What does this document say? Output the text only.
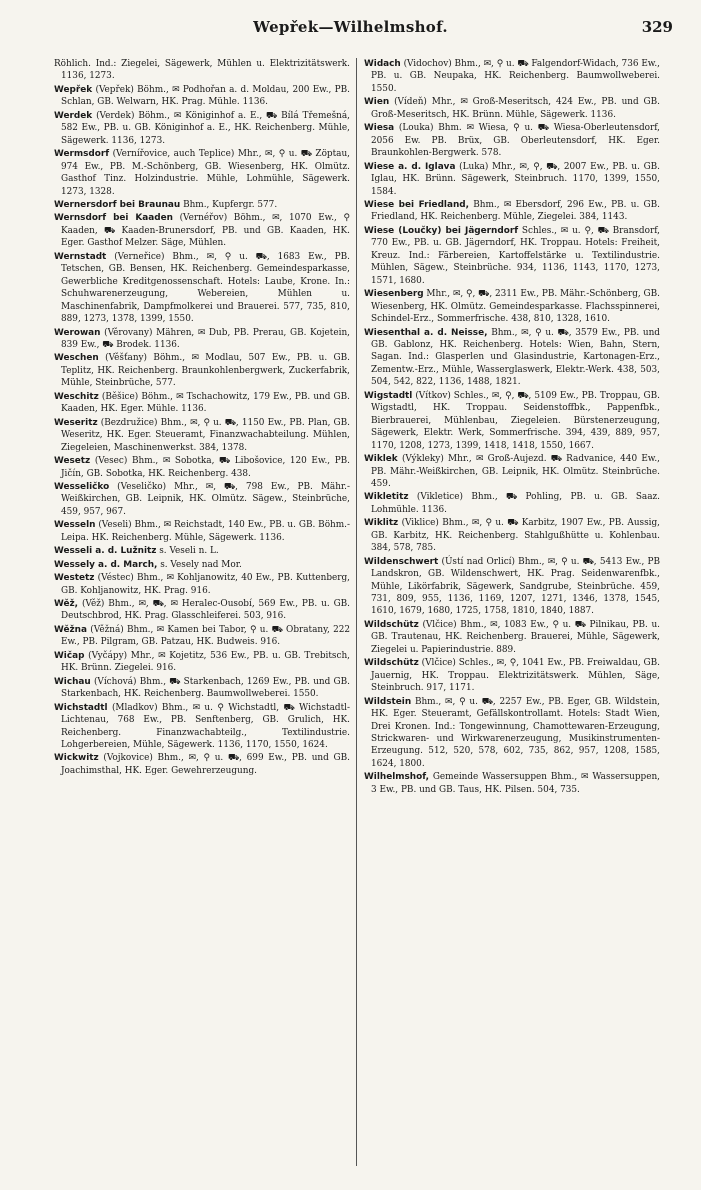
Wepřek—Wilhelmshof.	329

Röhlich. Ind.: Ziegelei, Sägewerk, Mühlen u. Elektrizitätswerk. 1136, 1273.

Wepřek (Vepřek) Böhm., ✉ Podhořan a. d. Moldau, 200 Ew., PB. Schlan, GB. Welwarn, HK. Prag. Mühle. 1136.

Werdek (Verdek) Böhm., ✉ Königinhof a. E., ⛟ Bílá Třemešná, 582 Ew., PB. u. GB. Königinhof a. E., HK. Reichenberg. Mühle, Sägewerk. 1136, 1273.

Wermsdorf (Vernířovice, auch Teplice) Mhr., ✉, ⚲ u. ⛟ Zöptau, 974 Ew., PB. M.-Schönberg, GB. Wiesenberg, HK. Olmütz. Gasthof Tinz. Holzindustrie. Mühle, Lohmühle, Sägewerk. 1273, 1328.

Wernersdorf bei Braunau Bhm., Kupfergr. 577.

Wernsdorf bei Kaaden (Vernéřov) Böhm., ✉, 1070 Ew., ⚲ Kaaden, ⛟ Kaaden-Brunersdorf, PB. und GB. Kaaden, HK. Eger. Gasthof Melzer. Säge, Mühlen.

Wernstadt (Verneřice) Bhm., ✉, ⚲ u. ⛟, 1683 Ew., PB. Tetschen, GB. Bensen, HK. Reichenberg. Gemeindesparkasse, Gewerbliche Kreditgenossenschaft. Hotels: Laube, Krone. In.: Schuhwarenerzeugung, Webereien, Mühlen u. Maschinenfabrik, Dampfmolkerei und Brauerei. 577, 735, 810, 889, 1273, 1378, 1399, 1550.

Werowan (Věrovany) Mähren, ✉ Dub, PB. Prerau, GB. Kojetein, 839 Ew., ⛟ Brodek. 1136.

Weschen (Věšťany) Böhm., ✉ Modlau, 507 Ew., PB. u. GB. Teplitz, HK. Reichenberg. Braunkohlenbergwerk, Zuckerfabrik, Mühle, Steinbrüche, 577.

Weschitz (Běšice) Böhm., ✉ Tschachowitz, 179 Ew., PB. und GB. Kaaden, HK. Eger. Mühle. 1136.

Weseritz (Bezdružice) Bhm., ✉, ⚲ u. ⛟, 1150 Ew., PB. Plan, GB. Weseritz, HK. Eger. Steueramt, Finanzwachabteilung. Mühlen, Ziegeleien, Maschinenwerkst. 384, 1378.

Wesetz (Vesec) Bhm., ✉ Sobotka, ⛟ Libošovice, 120 Ew., PB. Jičín, GB. Sobotka, HK. Reichenberg. 438.

Wesseličko (Veseličko) Mhr., ✉, ⛟, 798 Ew., PB. Mähr.-Weißkirchen, GB. Leipnik, HK. Olmütz. Sägew., Steinbrüche, 459, 957, 967.

Wesseln (Veseli) Bhm., ✉ Reichstadt, 140 Ew., PB. u. GB. Böhm.-Leipa. HK. Reichenberg. Mühle, Sägewerk. 1136.

Wesseli a. d. Lužnitz s. Veseli n. L.

Wessely a. d. March, s. Vesely nad Mor.

Westetz (Véstec) Bhm., ✉ Kohljanowitz, 40 Ew., PB. Kuttenberg, GB. Kohljanowitz, HK. Prag. 916.

Wěž, (Věž) Bhm., ✉, ⛟, ✉ Heralec-Ousobí, 569 Ew., PB. u. GB. Deutschbrod, HK. Prag. Glasschleiferei. 503, 916.

Wěžna (Věžná) Bhm., ✉ Kamen bei Tabor, ⚲ u. ⛟ Obratany, 222 Ew., PB. Pilgram, GB. Patzau, HK. Budweis. 916.

Wičap (Vyčápy) Mhr., ✉ Kojetitz, 536 Ew., PB. u. GB. Trebitsch, HK. Brünn. Ziegelei. 916.

Wichau (Víchová) Bhm., ⛟ Starkenbach, 1269 Ew., PB. und GB. Starkenbach, HK. Reichenberg. Baumwollweberei. 1550.

Wichstadtl (Mladkov) Bhm., ✉ u. ⚲ Wichstadtl, ⛟ Wichstadtl-Lichtenau, 768 Ew., PB. Senftenberg, GB. Grulich, HK. Reichenberg. Finanzwachabteilg., Textilindustrie. Lohgerbereien, Mühle, Sägewerk. 1136, 1170, 1550, 1624.

Wickwitz (Vojkovice) Bhm., ✉, ⚲ u. ⛟, 699 Ew., PB. und GB. Joachimsthal, HK. Eger. Gewehrerzeugung.

Widach (Vidochov) Bhm., ✉, ⚲ u. ⛟ Falgendorf-Widach, 736 Ew., PB. u. GB. Neupaka, HK. Reichenberg. Baumwollweberei. 1550.

Wien (Vídeň) Mhr., ✉ Groß-Meseritsch, 424 Ew., PB. und GB. Groß-Meseritsch, HK. Brünn. Mühle, Sägewerk. 1136.

Wiesa (Louka) Bhm. ✉ Wiesa, ⚲ u. ⛟ Wiesa-Oberleutensdorf, 2056 Ew. PB. Brüx, GB. Oberleutensdorf, HK. Eger. Braunkohlen-Bergwerk. 578.

Wiese a. d. Iglava (Luka) Mhr., ✉, ⚲, ⛟, 2007 Ew., PB. u. GB. Iglau, HK. Brünn. Sägewerk, Steinbruch. 1170, 1399, 1550, 1584.

Wiese bei Friedland, Bhm., ✉ Ebersdorf, 296 Ew., PB. u. GB. Friedland, HK. Reichenberg. Mühle, Ziegelei. 384, 1143.

Wiese (Loučky) bei Jägerndorf Schles., ✉ u. ⚲, ⛟ Bransdorf, 770 Ew., PB. u. GB. Jägerndorf, HK. Troppau. Hotels: Freiheit, Kreuz. Ind.: Färbereien, Kartoffelstärke u. Textilindustrie. Mühlen, Sägew., Steinbrüche. 934, 1136, 1143, 1170, 1273, 1571, 1680.

Wiesenberg Mhr., ✉, ⚲, ⛟, 2311 Ew., PB. Mähr.-Schönberg, GB. Wiesenberg, HK. Olmütz. Gemeindesparkasse. Flachsspinnerei, Schindel-Erz., Sommerfrische. 438, 810, 1328, 1610.

Wiesenthal a. d. Neisse, Bhm., ✉, ⚲ u. ⛟, 3579 Ew., PB. und GB. Gablonz, HK. Reichenberg. Hotels: Wien, Bahn, Stern, Sagan. Ind.: Glasperlen und Glasindustrie, Kartonagen-Erz., Zementw.-Erz., Mühle, Wasserglaswerk, Elektr.-Werk. 438, 503, 504, 542, 822, 1136, 1488, 1821.

Wigstadtl (Vítkov) Schles., ✉, ⚲, ⛟, 5109 Ew., PB. Troppau, GB. Wigstadtl, HK. Troppau. Seidenstoffbk., Pappenfbk., Bierbrauerei, Mühlenbau, Ziegeleien. Bürstenerzeugung, Sägewerk, Elektr. Werk, Sommerfrische. 394, 439, 889, 957, 1170, 1208, 1273, 1399, 1418, 1418, 1550, 1667.

Wiklek (Výkleky) Mhr., ✉ Groß-Aujezd. ⛟ Radvanice, 440 Ew., PB. Mähr.-Weißkirchen, GB. Leipnik, HK. Olmütz. Steinbrüche. 459.

Wikletitz (Vikletice) Bhm., ⛟ Pohling, PB. u. GB. Saaz. Lohmühle. 1136.

Wiklitz (Viklice) Bhm., ✉, ⚲ u. ⛟ Karbitz, 1907 Ew., PB. Aussig, GB. Karbitz, HK. Reichenberg. Stahlgußhütte u. Kohlenbau. 384, 578, 785.

Wildenschwert (Ústí nad Orlicí) Bhm., ✉, ⚲ u. ⛟, 5413 Ew., PB Landskron, GB. Wildenschwert, HK. Prag. Seidenwarenfbk., Mühle, Likörfabrik, Sägewerk, Sandgrube, Steinbrüche. 459, 731, 809, 955, 1136, 1169, 1207, 1271, 1346, 1378, 1545, 1610, 1679, 1680, 1725, 1758, 1810, 1840, 1887.

Wildschütz (Vlčice) Bhm., ✉, 1083 Ew., ⚲ u. ⛟ Pilnikau, PB. u. GB. Trautenau, HK. Reichenberg. Brauerei, Mühle, Sägewerk, Ziegelei u. Papierindustrie. 889.

Wildschütz (Vlčice) Schles., ✉, ⚲, 1041 Ew., PB. Freiwaldau, GB. Jauernig, HK. Troppau. Elektrizitätswerk. Mühlen, Säge, Steinbruch. 917, 1171.

Wildstein Bhm., ✉, ⚲ u. ⛟, 2257 Ew., PB. Eger, GB. Wildstein, HK. Eger. Steueramt, Gefällskontrollamt. Hotels: Stadt Wien, Drei Kronen. Ind.: Tongewinnung, Chamottewaren-Erzeugung, Strickwaren- und Wirkwarenerzeugung, Musikinstrumenten-Erzeugung. 512, 520, 578, 602, 735, 862, 957, 1208, 1585, 1624, 1800.

Wilhelmshof, Gemeinde Wassersuppen Bhm., ✉ Wassersuppen, 3 Ew., PB. und GB. Taus, HK. Pilsen. 504, 735.
